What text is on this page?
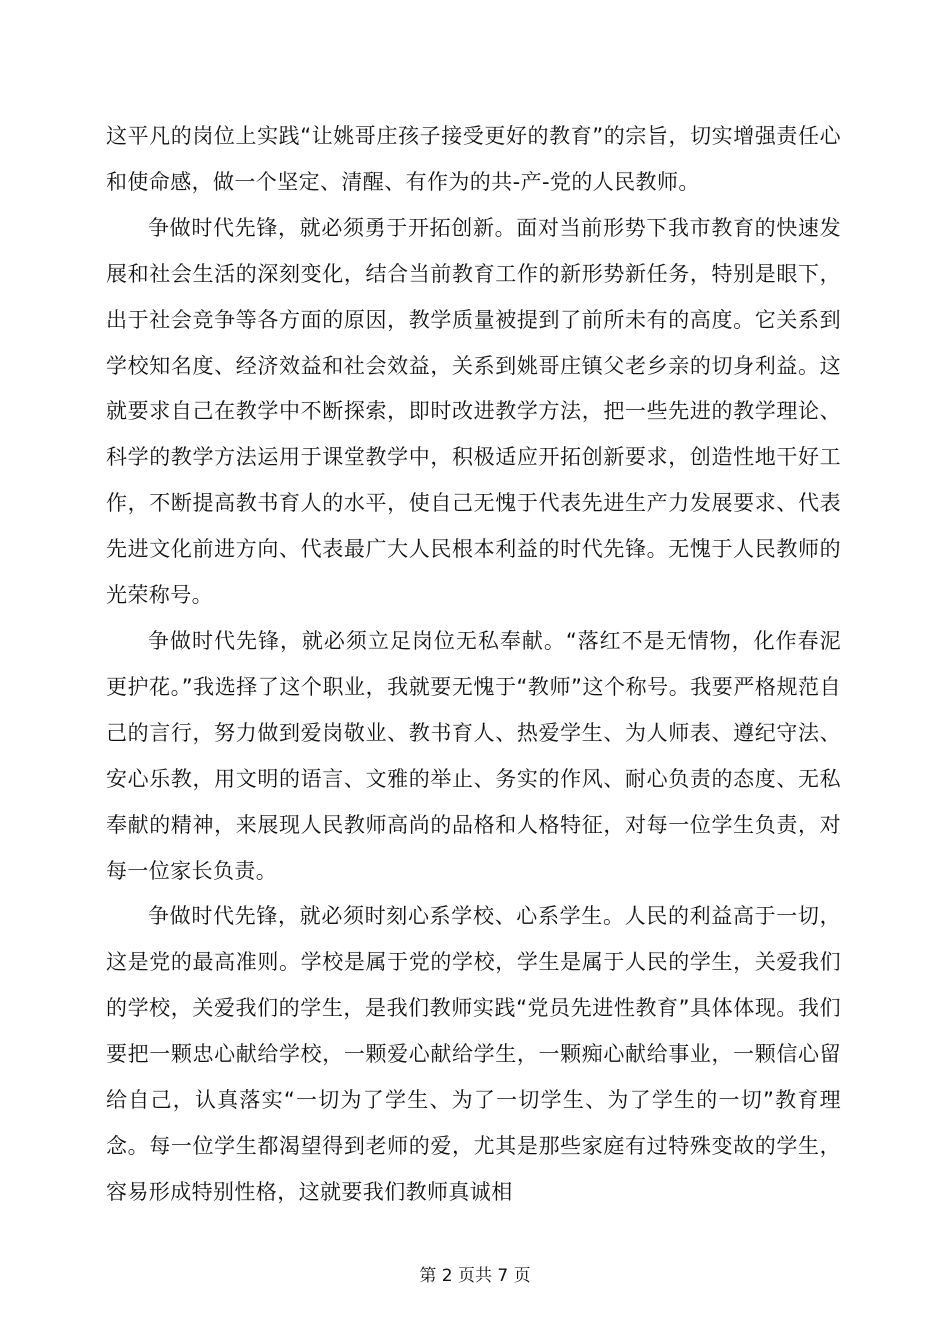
这平凡的岗位上实践“让姚哥庄孩子接受更好的教育”的宗旨，切实增强责任心和使命感，做一个坚定、清醒、有作为的共-产-党的人民教师。

争做时代先锋，就必须勇于开拓创新。面对当前形势下我市教育的快速发展和社会生活的深刻变化，结合当前教育工作的新形势新任务，特别是眼下，出于社会竞争等各方面的原因，教学质量被提到了前所未有的高度。它关系到学校知名度、经济效益和社会效益，关系到姚哥庄镇父老乡亲的切身利益。这就要求自己在教学中不断探索，即时改进教学方法，把一些先进的教学理论、科学的教学方法运用于课堂教学中，积极适应开拓创新要求，创造性地干好工作，不断提高教书育人的水平，使自己无愧于代表先进生产力发展要求、代表先进文化前进方向、代表最广大人民根本利益的时代先锋。无愧于人民教师的光荣称号。

争做时代先锋，就必须立足岗位无私奉献。“落红不是无情物，化作春泥更护花。”我选择了这个职业，我就要无愧于“教师”这个称号。我要严格规范自己的言行，努力做到爱岗敬业、教书育人、热爱学生、为人师表、遵纪守法、安心乐教，用文明的语言、文雅的举止、务实的作风、耐心负责的态度、无私奉献的精神，来展现人民教师高尚的品格和人格特征，对每一位学生负责，对每一位家长负责。

争做时代先锋，就必须时刻心系学校、心系学生。人民的利益高于一切，这是党的最高准则。学校是属于党的学校，学生是属于人民的学生，关爱我们的学校，关爱我们的学生，是我们教师实践“党员先进性教育”具体体现。我们要把一颗忠心献给学校，一颗爱心献给学生，一颗痴心献给事业，一颗信心留给自己，认真落实“一切为了学生、为了一切学生、为了学生的一切”教育理念。每一位学生都渴望得到老师的爱，尤其是那些家庭有过特殊变故的学生，容易形成特别性格，这就要我们教师真诚相

第 2 页共 7 页
